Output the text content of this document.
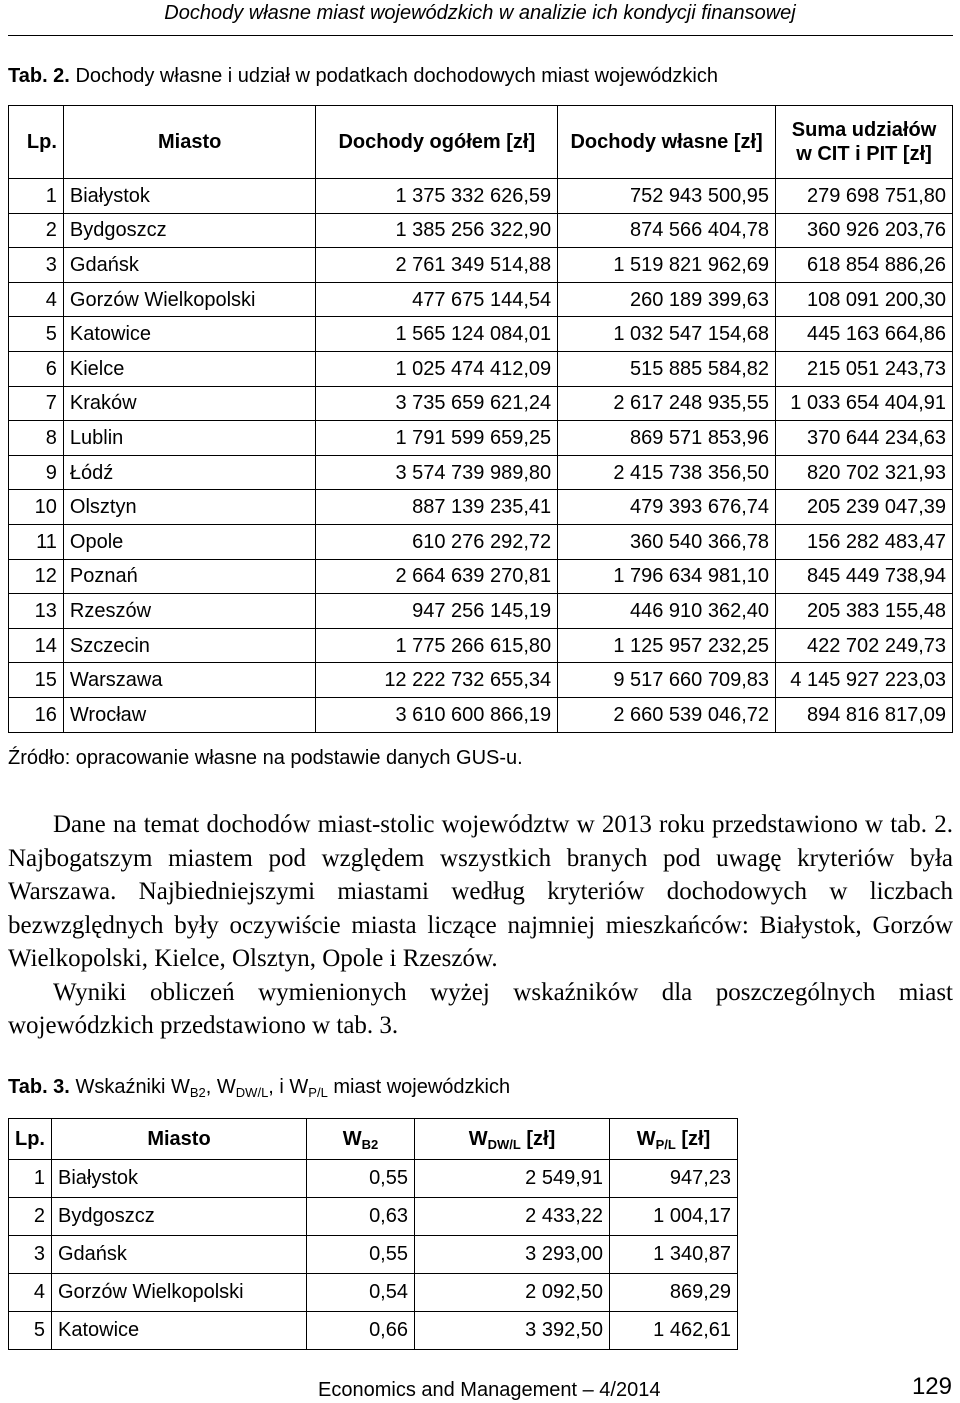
Dochody własne miast wojewódzkich w analizie ich kondycji finansowej
Tab. 2. Dochody własne i udział w podatkach dochodowych miast wojewódzkich
Lp.	Miasto	Dochody ogółem [zł]	Dochody własne [zł]	Suma udziałów
w CIT i PIT [zł]
1	Białystok	1 375 332 626,59	752 943 500,95	279 698 751,80
2	Bydgoszcz	1 385 256 322,90	874 566 404,78	360 926 203,76
3	Gdańsk	2 761 349 514,88	1 519 821 962,69	618 854 886,26
4	Gorzów Wielkopolski	477 675 144,54	260 189 399,63	108 091 200,30
5	Katowice	1 565 124 084,01	1 032 547 154,68	445 163 664,86
6	Kielce	1 025 474 412,09	515 885 584,82	215 051 243,73
7	Kraków	3 735 659 621,24	2 617 248 935,55	1 033 654 404,91
8	Lublin	1 791 599 659,25	869 571 853,96	370 644 234,63
9	Łódź	3 574 739 989,80	2 415 738 356,50	820 702 321,93
10	Olsztyn	887 139 235,41	479 393 676,74	205 239 047,39
11	Opole	610 276 292,72	360 540 366,78	156 282 483,47
12	Poznań	2 664 639 270,81	1 796 634 981,10	845 449 738,94
13	Rzeszów	947 256 145,19	446 910 362,40	205 383 155,48
14	Szczecin	1 775 266 615,80	1 125 957 232,25	422 702 249,73
15	Warszawa	12 222 732 655,34	9 517 660 709,83	4 145 927 223,03
16	Wrocław	3 610 600 866,19	2 660 539 046,72	894 816 817,09
Źródło: opracowanie własne na podstawie danych GUS-u.

Dane na temat dochodów miast-stolic województw w 2013 roku przedstawiono w tab. 2. Najbogatszym miastem pod względem wszystkich branych pod uwagę kryteriów była Warszawa. Najbiedniejszymi miastami według kryteriów dochodowych w liczbach bezwzględnych były oczywiście miasta liczące najmniej mieszkańców: Białystok, Gorzów Wielkopolski, Kielce, Olsztyn, Opole i Rzeszów.

Wyniki obliczeń wymienionych wyżej wskaźników dla poszczególnych miast wojewódzkich przedstawiono w tab. 3.

Tab. 3. Wskaźniki $W_{B2}$, $W_{DW/L}$, i $W_{P/L}$ miast wojewódzkich
Lp.	Miasto	$W_{B2}$	$W_{DW/L}$ [zł]	$W_{P/L}$ [zł]
1	Białystok	0,55	2 549,91	947,23
2	Bydgoszcz	0,63	2 433,22	1 004,17
3	Gdańsk	0,55	3 293,00	1 340,87
4	Gorzów Wielkopolski	0,54	2 092,50	869,29
5	Katowice	0,66	3 392,50	1 462,61
Economics and Management – 4/2014	129
